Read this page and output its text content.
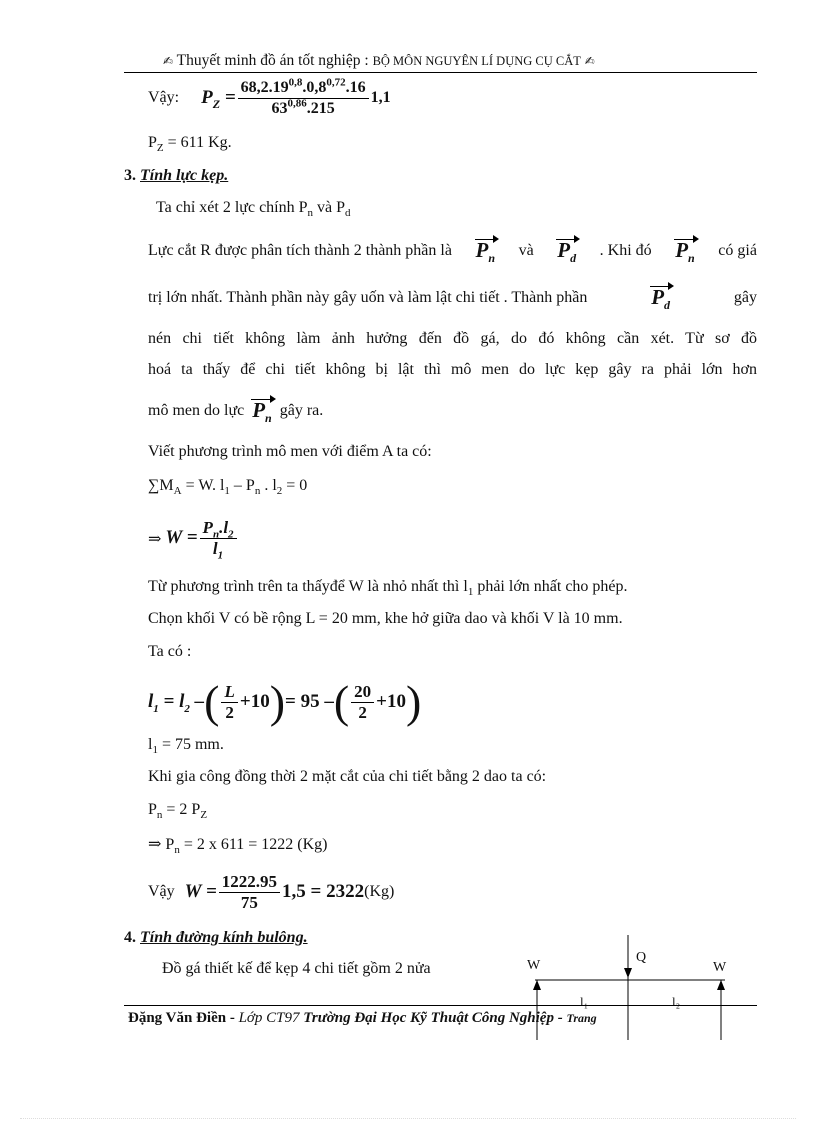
✍ Thuyết minh đồ án tốt nghiệp : BỘ MÔN NGUYÊN LÍ DỤNG CỤ CẮT ✍
Vậy: $P_Z = \frac{68,2.19^{0,8}.0,8^{0,72}.16}{63^{0,86}.215} 1,1$
$P_Z = 611$ Kg.
3. Tính lực kẹp.
Ta chỉ xét 2 lực chính $P_n$ và $P_d$
Lực cắt R được phân tích thành 2 thành phần là $P_n$ và $P_d$ . Khi đó $P_n$ có giá
trị lớn nhất. Thành phần này gây uốn và làm lật chi tiết . Thành phần	$P_d$	gây
nén chi tiết không làm ảnh hưởng đến đồ gá, do đó không cần xét. Từ sơ đồ
hoá ta thấy để chi tiết không bị lật thì mô men do lực kẹp gây ra phải lớn hơn
mô men do lực $P_n$ gây ra.
Viết phương trình mô men với điểm A ta có:
$\sum M_A = W$. $l_1 - P_n$ . $l_2 = 0$
⇒ $W = \frac{P_n.l_2}{l_1}$
Từ phương trình trên ta thấyđể W là nhỏ nhất thì $l_1$ phải lớn nhất cho phép.
Chọn khối V có bề rộng L = 20 mm, khe hở giữa dao và khối V là 10 mm.
Ta có :
$l_1 = l_2$ – ( $\frac{L}{2} +10$ ) = 95 – ( $\frac{20}{2} +10$ )
$l_1 = 75$ mm.
Khi gia công đồng thời 2 mặt cắt của chi tiết bằng 2 dao ta có:
$P_n = 2$ $P_Z$
⇒ $P_n = 2$ x 611 = 1222 (Kg)
Vậy $W = \frac{1222.95}{75} 1,5 = 2322$ (Kg)
4. Tính đường kính bulông.
Đồ gá thiết kế để kẹp 4 chi tiết gồm 2 nửa	W
Q
W
l₁	l₂
Đặng Văn Điền - Lớp CT97 Trường Đại Học Kỹ Thuật Công Nghiệp - Trang
